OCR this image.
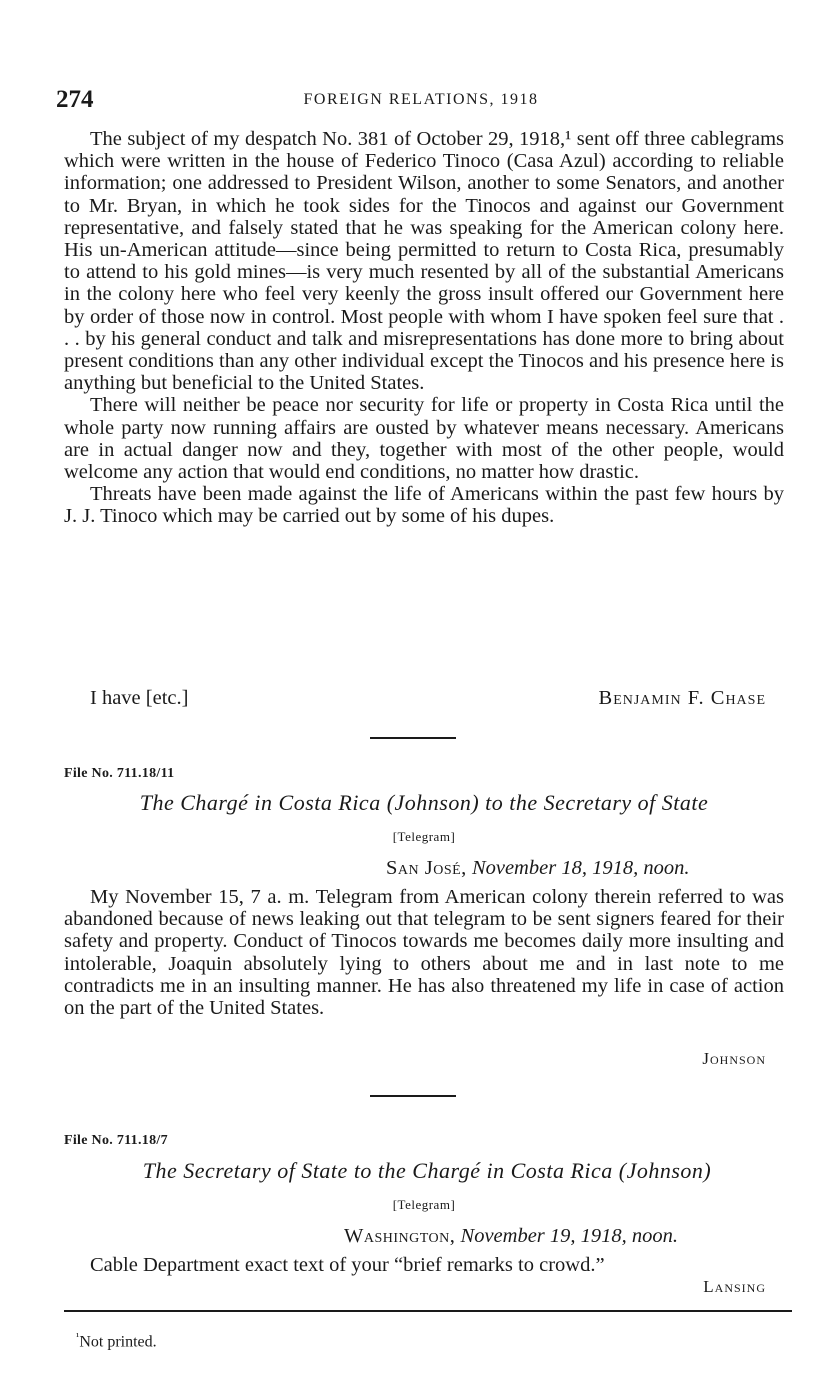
274	FOREIGN RELATIONS, 1918

The subject of my despatch No. 381 of October 29, 1918,¹ sent off three cablegrams which were written in the house of Federico Tinoco (Casa Azul) according to reliable information; one addressed to President Wilson, another to some Senators, and another to Mr. Bryan, in which he took sides for the Tinocos and against our Government representative, and falsely stated that he was speaking for the American colony here. His un-American attitude—since being permitted to return to Costa Rica, presumably to attend to his gold mines—is very much resented by all of the substantial Americans in the colony here who feel very keenly the gross insult offered our Government here by order of those now in control. Most people with whom I have spoken feel sure that . . . by his general conduct and talk and misrepresentations has done more to bring about present conditions than any other individual except the Tinocos and his presence here is anything but beneficial to the United States.

There will neither be peace nor security for life or property in Costa Rica until the whole party now running affairs are ousted by whatever means necessary. Americans are in actual danger now and they, together with most of the other people, would welcome any action that would end conditions, no matter how drastic.

Threats have been made against the life of Americans within the past few hours by J. J. Tinoco which may be carried out by some of his dupes.

I have [etc.]	Benjamin F. Chase
File No. 711.18/11
The Chargé in Costa Rica (Johnson) to the Secretary of State
[Telegram]
San José, November 18, 1918, noon.

My November 15, 7 a. m. Telegram from American colony therein referred to was abandoned because of news leaking out that telegram to be sent signers feared for their safety and property. Conduct of Tinocos towards me becomes daily more insulting and intolerable, Joaquin absolutely lying to others about me and in last note to me contradicts me in an insulting manner. He has also threatened my life in case of action on the part of the United States.

Johnson
File No. 711.18/7
The Secretary of State to the Chargé in Costa Rica (Johnson)
[Telegram]
Washington, November 19, 1918, noon.

Cable Department exact text of your “brief remarks to crowd.”

Lansing
$^{^1}$Not printed.
